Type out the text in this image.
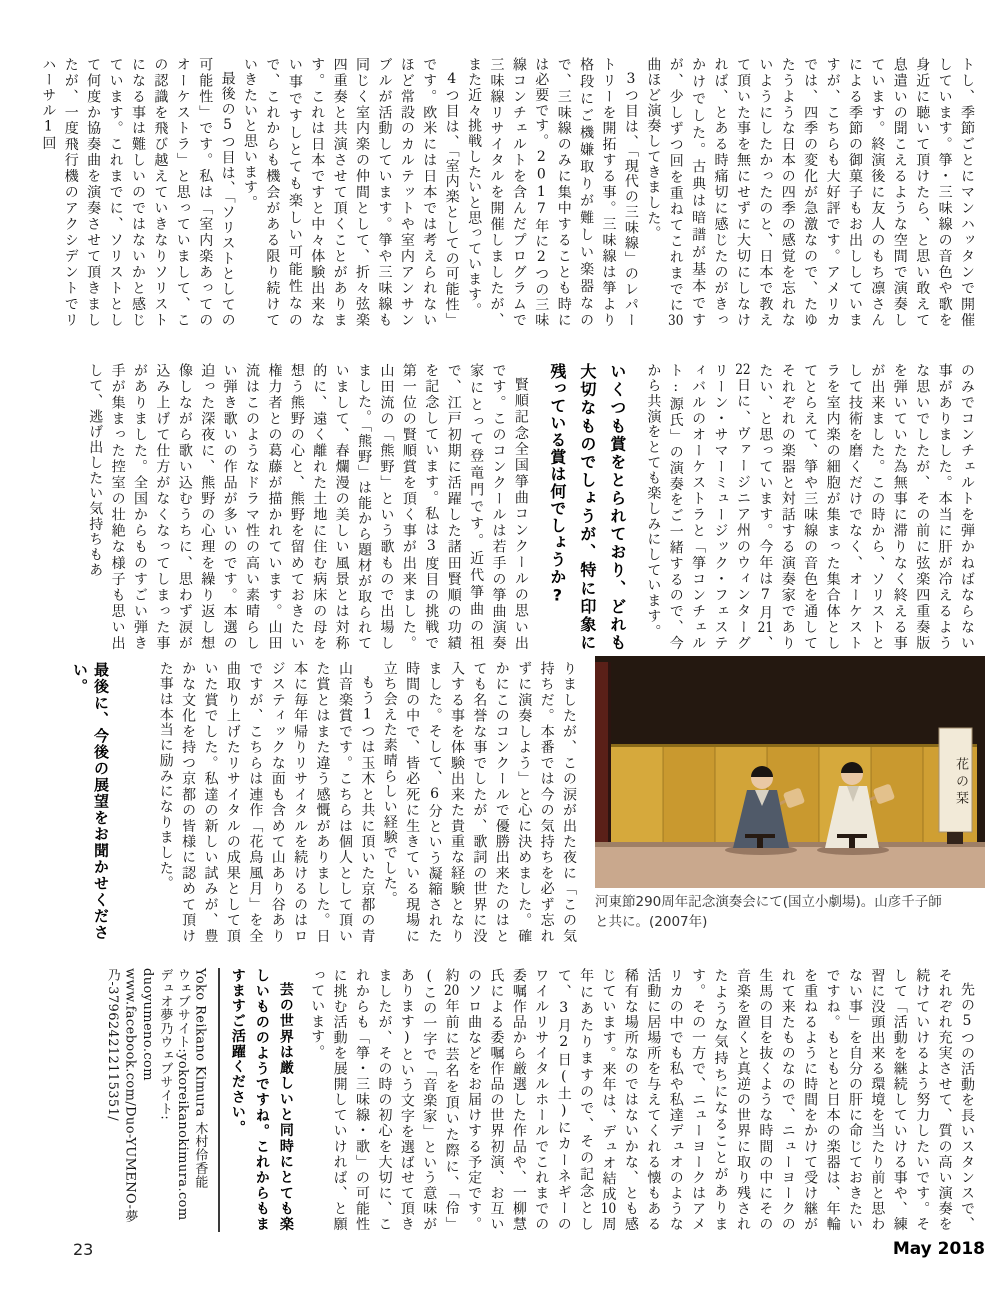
トし、季節ごとにマンハッタンで開催しています。箏・三味線の音色や歌を身近に聴いて頂けたら、と思い敢えて息遣いの聞こえるような空間で演奏しています。終演後に友人のもち凛さんによる季節の御菓子もお出ししていますが、こちらも大好評です。アメリカでは、四季の変化が急激なので、たゆたうような日本の四季の感覚を忘れないようにしたかったのと、日本で教えて頂いた事を無にせずに大切にしなければ、とある時痛切に感じたのがきっかけでした。古典は暗譜が基本ですが、少しずつ回を重ねてこれまでに30曲ほど演奏してきました。

3つ目は、「現代の三味線」のレパートリーを開拓する事。三味線は箏より格段にご機嫌取りが難しい楽器なので、三味線のみに集中することも時には必要です。2017年に2つの三味線コンチェルトを含んだプログラムで三味線リサイタルを開催しましたが、また近々挑戦したいと思っています。

4つ目は、「室内楽としての可能性」です。欧米には日本では考えられないほど常設のカルテットや室内アンサンブルが活動しています。箏や三味線も同じく室内楽の仲間として、折々弦楽四重奏と共演させて頂くことがあります。これは日本ですと中々体験出来ない事ですしとても楽しい可能性なので、これからも機会がある限り続けていきたいと思います。

最後の5つ目は、「ソリストとしての可能性」です。私は「室内楽あってのオーケストラ」と思っていまして、この認識を飛び越えていきなりソリストになる事は難しいのではないかと感じています。これまでに、ソリストとして何度か協奏曲を演奏させて頂きましたが、一度飛行機のアクシデントでリハーサル1回

のみでコンチェルトを弾かねばならない事がありました。本当に肝が冷えるような思いでしたが、その前に弦楽四重奏版を弾いていた為無事に滞りなく終える事が出来ました。この時から、ソリストとして技術を磨くだけでなく、オーケストラを室内楽の細胞が集まった集合体としてとらえて、箏や三味線の音色を通してそれぞれの楽器と対話する演奏家でありたい、と思っています。今年は7月21、22日に、ヴァージニア州のウィンターグリーン・サマーミュージック・フェスティバルのオーケストラと「箏コンチェルト:源氏」の演奏をご一緒するので、今から共演をとても楽しみにしています。

いくつも賞をとられており、どれも大切なものでしょうが、特に印象に残っている賞は何でしょうか?

賢順記念全国箏曲コンクールの思い出です。このコンクールは若手の箏曲演奏家にとって登竜門です。近代箏曲の祖で、江戸初期に活躍した諸田賢順の功績を記念しています。私は3度目の挑戦で第一位の賢順賞を頂く事が出来ました。山田流の「熊野」という歌もので出場しました。「熊野」は能から題材が取られていまして、春爛漫の美しい風景とは対称的に、遠く離れた土地に住む病床の母を想う熊野の心と、熊野を留めておきたい権力者との葛藤が描かれています。山田流はこのようなドラマ性の高い素晴らしい弾き歌いの作品が多いのです。本選の迫った深夜に、熊野の心理を繰り返し想像しながら歌い込むうちに、思わず涙が込み上げて仕方がなくなってしまった事がありました。全国からものすごい弾き手が集まった控室の壮絶な様子も思い出して、逃げ出したい気持ちもあ

りましたが、この涙が出た夜に「この気持ちだ。本番では今の気持ちを必ず忘れずに演奏しよう」と心に決めました。確かにこのコンクールで優勝出来たのはとても名誉な事でしたが、歌詞の世界に没入する事を体験出来た貴重な経験となりました。そして、6分という凝縮された時間の中で、皆必死に生きている現場に立ち会えた素晴らしい経験でした。

もう1つは玉木と共に頂いた京都の青山音楽賞です。こちらは個人として頂いた賞とはまた違う感慨がありました。日本に毎年帰りリサイタルを続けるのはロジスティックな面も含めて山あり谷ありですが、こちらは連作「花鳥風月」を全曲取り上げたリサイタルの成果として頂いた賞でした。私達の新しい試みが、豊かな文化を持つ京都の皆様に認めて頂けた事は本当に励みになりました。

最後に、今後の展望をお聞かせください。

花の栞
河東節290周年記念演奏会にて(国立小劇場)。山彦千子師と共に。(2007年)

先の5つの活動を長いスタンスで、それぞれ充実させて、質の高い演奏を続けていけるよう努力したいです。そして「活動を継続していける事や、練習に没頭出来る環境を当たり前と思わない事」を自分の肝に命じておきたいですね。もともと日本の楽器は、年輪を重ねるように時間をかけて受け継がれて来たものなので、ニューヨークの生馬の目を抜くような時間の中にその音楽を置くと真逆の世界に取り残されたような気持ちになることがあります。その一方で、ニューヨークはアメリカの中でも私や私達デュオのような活動に居場所を与えてくれる懐もある稀有な場所なのではないかな、とも感じています。来年は、デュオ結成10周年にあたりますので、その記念として、3月2日(土)にカーネギーのワイルリサイタルホールでこれまでの委嘱作品から厳選した作品や、一柳慧氏による委嘱作品の世界初演、お互いのソロ曲などをお届けする予定です。約20年前に芸名を頂いた際に、「伶」(この一字で「音楽家」という意味があります)という文字を選ばせて頂きましたが、その時の初心を大切に、これからも「箏・三味線・歌」の可能性に挑む活動を展開していければ、と願っています。

芸の世界は厳しいと同時にとても楽しいもののようですね。これからもますますご活躍ください。

Yoko Reikano Kimura 木村伶香能

ウェブサイト:yokoreikanokimura.com

デュオ夢乃ウェブサイト:

duoyumeno.com

www.facebook.com/Duo-YUMENO-夢乃-379624212115351/

23	May 2018
